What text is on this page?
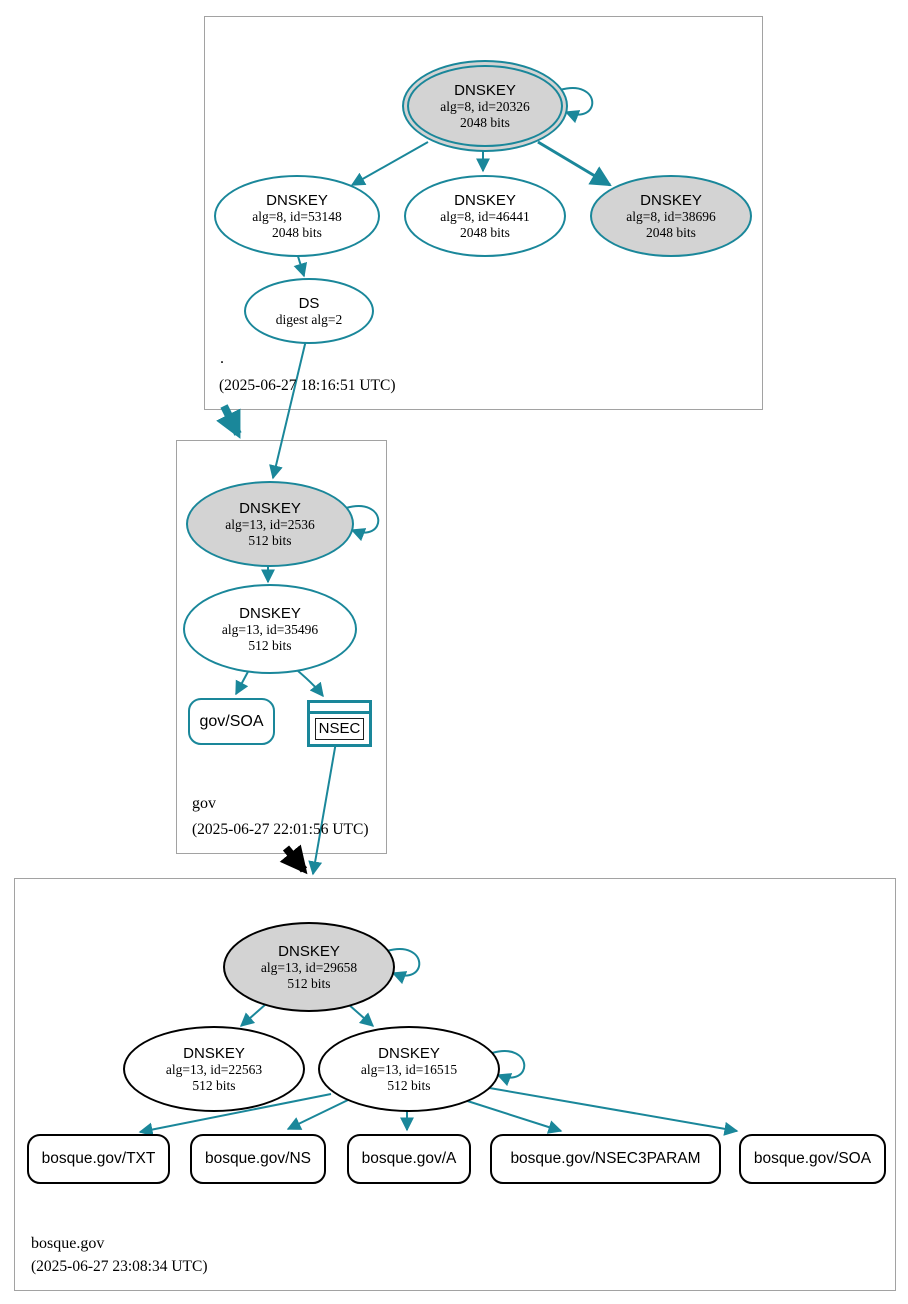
DNSKEY
alg=8, id=20326
2048 bits
DNSKEY
alg=8, id=53148
2048 bits
DNSKEY
alg=8, id=46441
2048 bits
DNSKEY
alg=8, id=38696
2048 bits
DS
digest alg=2
.
(2025-06-27 18:16:51 UTC)
DNSKEY
alg=13, id=2536
512 bits
DNSKEY
alg=13, id=35496
512 bits
gov/SOA	NSEC
gov
(2025-06-27 22:01:56 UTC)
DNSKEY
alg=13, id=29658
512 bits
DNSKEY
alg=13, id=22563
512 bits
DNSKEY
alg=13, id=16515
512 bits
bosque.gov/TXT	bosque.gov/NS	bosque.gov/A	bosque.gov/NSEC3PARAM	bosque.gov/SOA
bosque.gov
(2025-06-27 23:08:34 UTC)
